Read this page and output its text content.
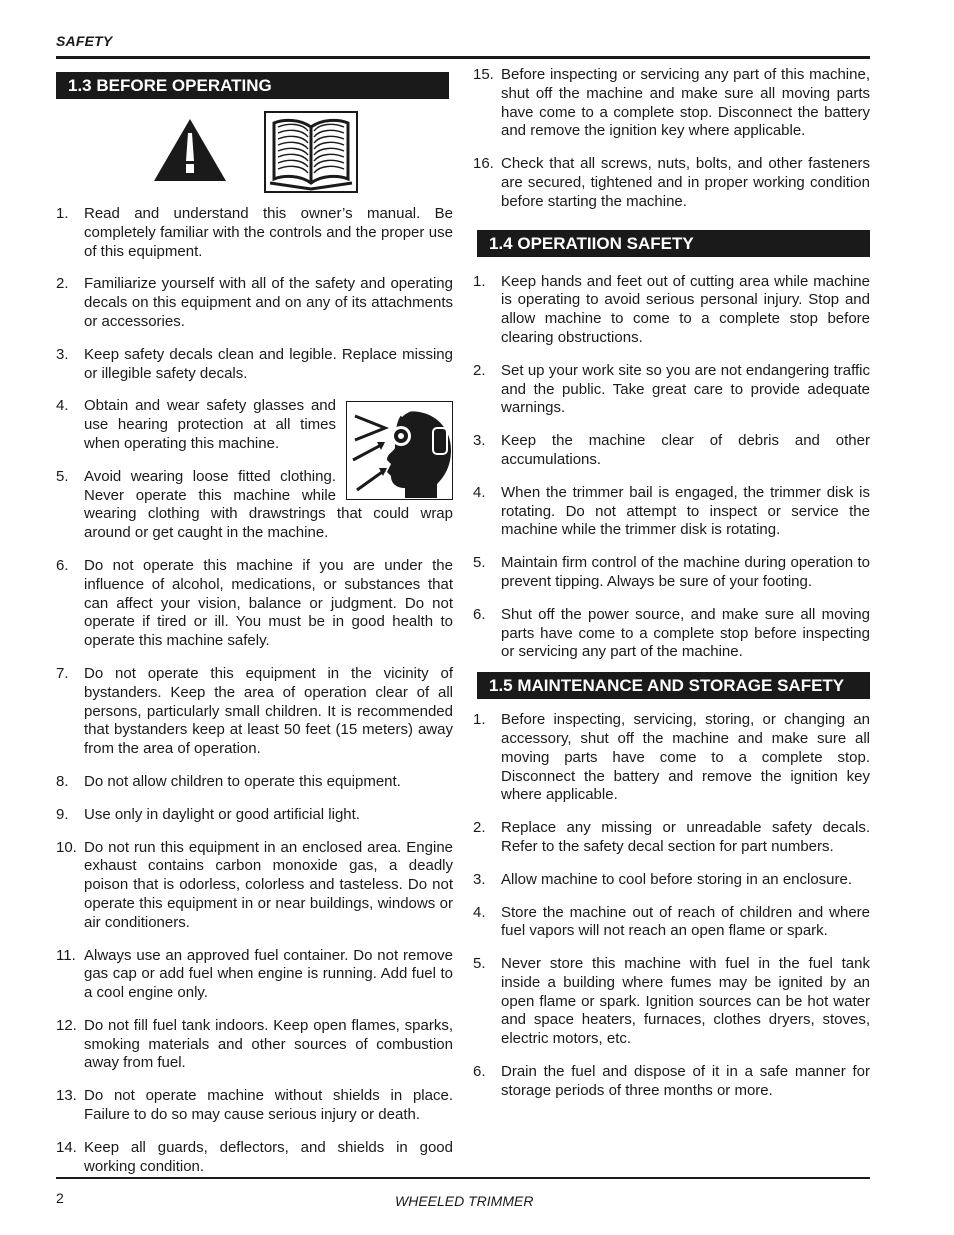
SAFETY
1.3 BEFORE OPERATING
1. Read and understand this owner’s manual. Be completely familiar with the controls and the proper use of this equipment.
2. Familiarize yourself with all of the safety and operating decals on this equipment and on any of its attachments or accessories.
3. Keep safety decals clean and legible. Replace missing or illegible safety decals.
4. Obtain and wear safety glasses and use hearing protection at all times when operating this machine.
5. Avoid wearing loose fitted clothing. Never operate this machine while wearing clothing with drawstrings that could wrap around or get caught in the machine.
6. Do not operate this machine if you are under the influence of alcohol, medications, or substances that can affect your vision, balance or judgment. Do not operate if tired or ill. You must be in good health to operate this machine safely.
7. Do not operate this equipment in the vicinity of bystanders. Keep the area of operation clear of all persons, particularly small children. It is recommended that bystanders keep at least 50 feet (15 meters) away from the area of operation.
8. Do not allow children to operate this equipment.
9. Use only in daylight or good artificial light.
10. Do not run this equipment in an enclosed area. Engine exhaust contains carbon monoxide gas, a deadly poison that is odorless, colorless and tasteless. Do not operate this equipment in or near buildings, windows or air conditioners.
11. Always use an approved fuel container. Do not remove gas cap or add fuel when engine is running. Add fuel to a cool engine only.
12. Do not fill fuel tank indoors. Keep open flames, sparks, smoking materials and other sources of combustion away from fuel.
13. Do not operate machine without shields in place. Failure to do so may cause serious injury or death.
14. Keep all guards, deflectors, and shields in good working condition.
15. Before inspecting or servicing any part of this machine, shut off the machine and make sure all moving parts have come to a complete stop. Disconnect the battery and remove the ignition key where applicable.
16. Check that all screws, nuts, bolts, and other fasteners are secured, tightened and in proper working condition before starting the machine.
1.4 OPERATIION SAFETY
1. Keep hands and feet out of cutting area while machine is operating to avoid serious personal injury. Stop and allow machine to come to a complete stop before clearing obstructions.
2. Set up your work site so you are not endangering traffic and the public. Take great care to provide adequate warnings.
3. Keep the machine clear of debris and other accumulations.
4. When the trimmer bail is engaged, the trimmer disk is rotating. Do not attempt to inspect or service the machine while the trimmer disk is rotating.
5. Maintain firm control of the machine during operation to prevent tipping. Always be sure of your footing.
6. Shut off the power source, and make sure all moving parts have come to a complete stop before inspecting or servicing any part of the machine.
1.5 MAINTENANCE AND STORAGE SAFETY
1. Before inspecting, servicing, storing, or changing an accessory, shut off the machine and make sure all moving parts have come to a complete stop. Disconnect the battery and remove the ignition key where applicable.
2. Replace any missing or unreadable safety decals. Refer to the safety decal section for part numbers.
3. Allow machine to cool before storing in an enclosure.
4. Store the machine out of reach of children and where fuel vapors will not reach an open flame or spark.
5. Never store this machine with fuel in the fuel tank inside a building where fumes may be ignited by an open flame or spark. Ignition sources can be hot water and space heaters, furnaces, clothes dryers, stoves, electric motors, etc.
6. Drain the fuel and dispose of it in a safe manner for storage periods of three months or more.
2	WHEELED TRIMMER
